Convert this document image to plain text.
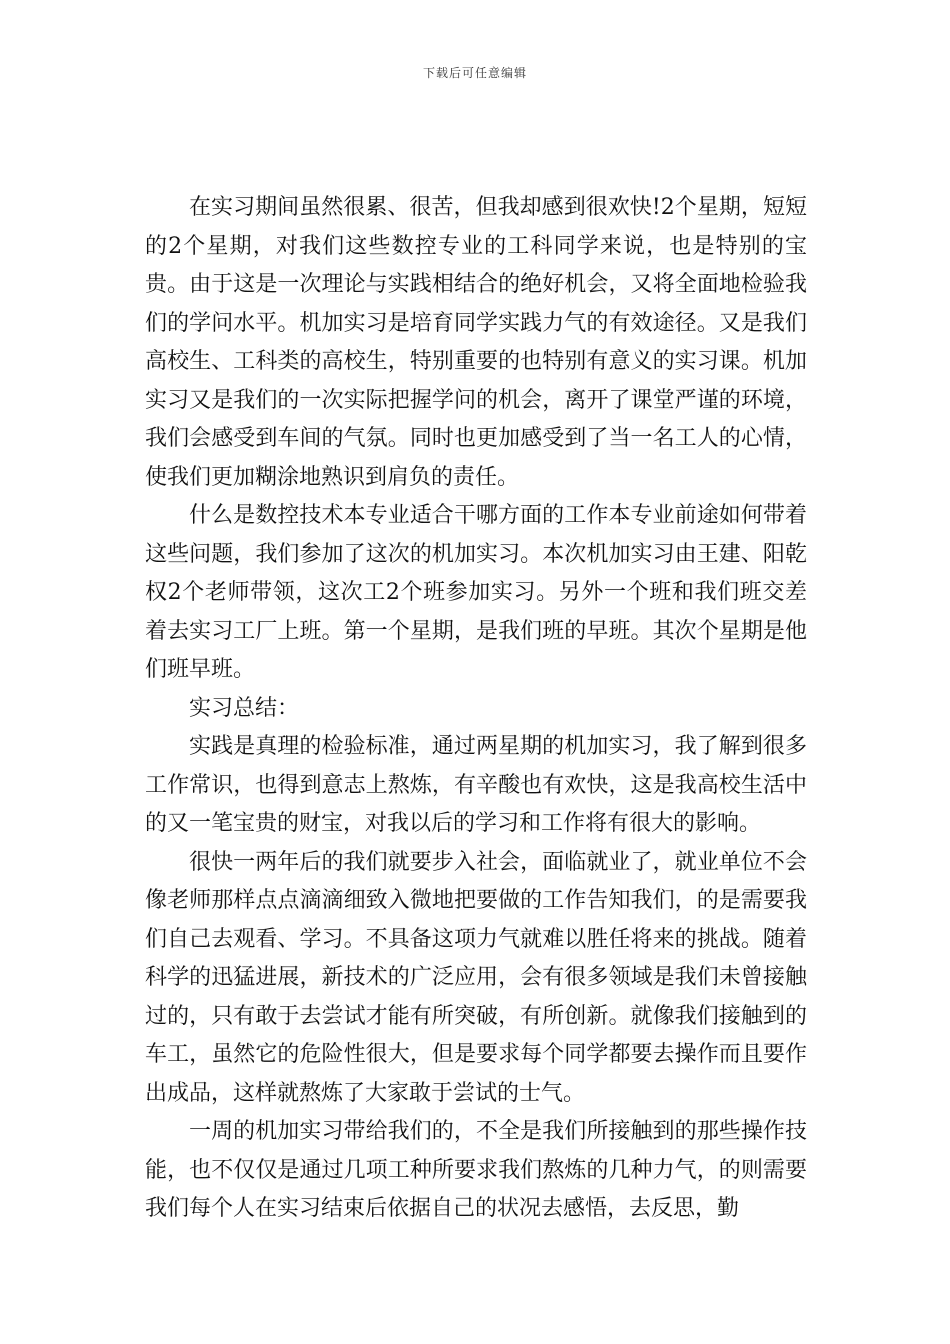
下载后可任意编辑

在实习期间虽然很累、很苦，但我却感到很欢快!2个星期，短短的2个星期，对我们这些数控专业的工科同学来说，也是特别的宝贵。由于这是一次理论与实践相结合的绝好机会，又将全面地检验我们的学问水平。机加实习是培育同学实践力气的有效途径。又是我们高校生、工科类的高校生，特别重要的也特别有意义的实习课。机加实习又是我们的一次实际把握学问的机会，离开了课堂严谨的环境，我们会感受到车间的气氛。同时也更加感受到了当一名工人的心情，使我们更加糊涂地熟识到肩负的责任。

什么是数控技术本专业适合干哪方面的工作本专业前途如何带着这些问题，我们参加了这次的机加实习。本次机加实习由王建、阳乾权2个老师带领，这次工2个班参加实习。另外一个班和我们班交差着去实习工厂上班。第一个星期，是我们班的早班。其次个星期是他们班早班。

实习总结：

实践是真理的检验标准，通过两星期的机加实习，我了解到很多工作常识，也得到意志上熬炼，有辛酸也有欢快，这是我高校生活中的又一笔宝贵的财宝，对我以后的学习和工作将有很大的影响。

很快一两年后的我们就要步入社会，面临就业了，就业单位不会像老师那样点点滴滴细致入微地把要做的工作告知我们，的是需要我们自己去观看、学习。不具备这项力气就难以胜任将来的挑战。随着科学的迅猛进展，新技术的广泛应用，会有很多领域是我们未曾接触过的，只有敢于去尝试才能有所突破，有所创新。就像我们接触到的车工，虽然它的危险性很大，但是要求每个同学都要去操作而且要作出成品，这样就熬炼了大家敢于尝试的士气。

一周的机加实习带给我们的，不全是我们所接触到的那些操作技能，也不仅仅是通过几项工种所要求我们熬炼的几种力气，的则需要我们每个人在实习结束后依据自己的状况去感悟，去反思，勤
